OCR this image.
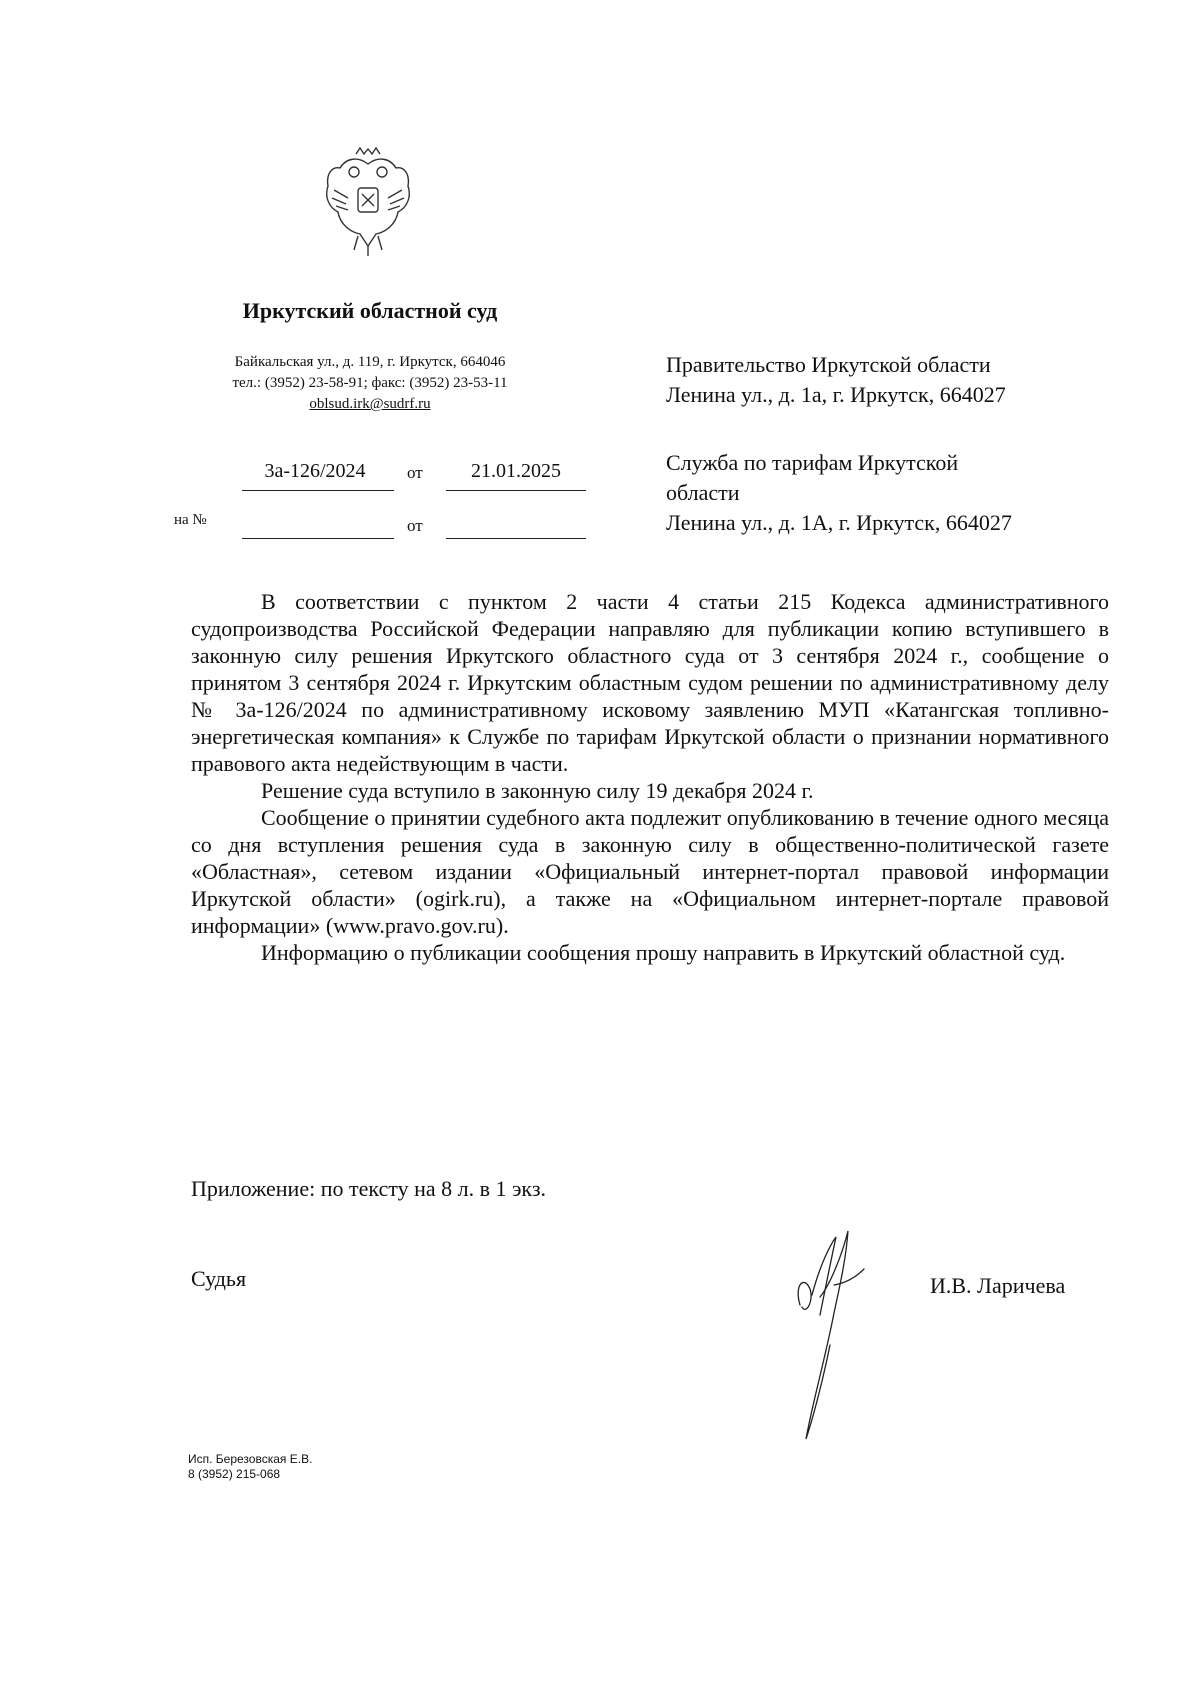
Иркутский областной суд
Байкальская ул., д. 119, г. Иркутск, 664046
тел.: (3952) 23-58-91; факс: (3952) 23-53-11
oblsud.irk@sudrf.ru
3а-126/2024	от	21.01.2025
на №	от
Правительство Иркутской области
Ленина ул., д. 1а, г. Иркутск, 664027
Служба по тарифам Иркутской
области
Ленина ул., д. 1А, г. Иркутск, 664027

В соответствии с пунктом 2 части 4 статьи 215 Кодекса административного судопроизводства Российской Федерации направляю для публикации копию вступившего в законную силу решения Иркутского областного суда от 3 сентября 2024 г., сообщение о принятом 3 сентября 2024 г. Иркутским областным судом решении по административному делу № 3а-126/2024 по административному исковому заявлению МУП «Катангская топливно-энергетическая компания» к Службе по тарифам Иркутской области о признании нормативного правового акта недействующим в части.

Решение суда вступило в законную силу 19 декабря 2024 г.

Сообщение о принятии судебного акта подлежит опубликованию в течение одного месяца со дня вступления решения суда в законную силу в общественно-политической газете «Областная», сетевом издании «Официальный интернет-портал правовой информации Иркутской области» (ogirk.ru), а также на «Официальном интернет-портале правовой информации» (www.pravo.gov.ru).

Информацию о публикации сообщения прошу направить в Иркутский областной суд.

Приложение: по тексту на 8 л. в 1 экз.
Судья	И.В. Ларичева
Исп. Березовская Е.В.
8 (3952) 215-068
